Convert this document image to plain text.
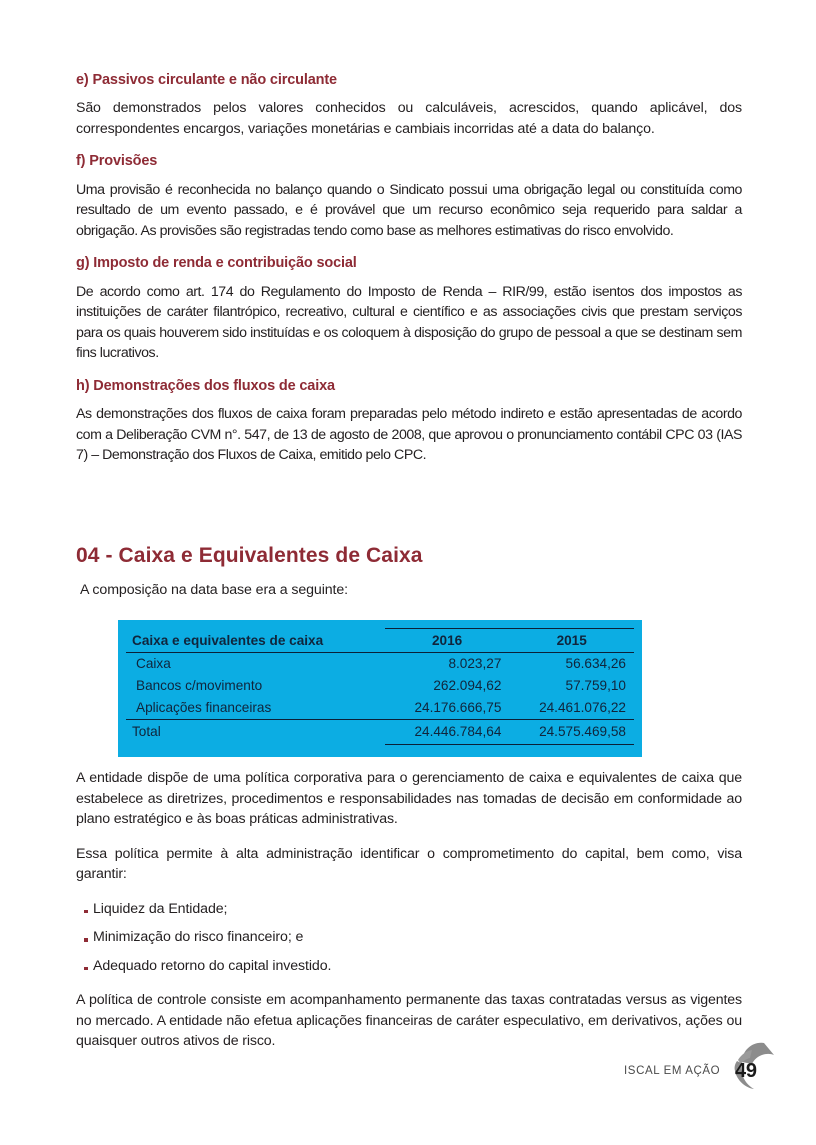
e) Passivos circulante e não circulante

São demonstrados pelos valores conhecidos ou calculáveis, acrescidos, quando aplicável, dos correspondentes encargos, variações monetárias e cambiais incorridas até a data do balanço.

f) Provisões

Uma provisão é reconhecida no balanço quando o Sindicato possui uma obrigação legal ou constituída como resultado de um evento passado, e é provável que um recurso econômico seja requerido para saldar a obrigação. As provisões são registradas tendo como base as melhores estimativas do risco envolvido.

g) Imposto de renda e contribuição social

De acordo como art. 174 do Regulamento do Imposto de Renda – RIR/99, estão isentos dos impostos as instituições de caráter filantrópico, recreativo, cultural e científico e as associações civis que prestam serviços para os quais houverem sido instituídas e os coloquem à disposição do grupo de pessoal a que se destinam sem fins lucrativos.

h) Demonstrações dos fluxos de caixa

As demonstrações dos fluxos de caixa foram preparadas pelo método indireto e estão apresentadas de acordo com a Deliberação CVM n°. 547, de 13 de agosto de 2008, que aprovou o pronunciamento contábil CPC 03 (IAS 7) – Demonstração dos Fluxos de Caixa, emitido pelo CPC.

04 - Caixa e Equivalentes de Caixa

A composição na data base era a seguinte:

Caixa e equivalentes de caixa	2016	2015
Caixa	8.023,27	56.634,26
Bancos c/movimento	262.094,62	57.759,10
Aplicações financeiras	24.176.666,75	24.461.076,22
Total	24.446.784,64	24.575.469,58

A entidade dispõe de uma política corporativa para o gerenciamento de caixa e equivalentes de caixa que estabelece as diretrizes, procedimentos e responsabilidades nas tomadas de decisão em conformidade ao plano estratégico e às boas práticas administrativas.

Essa política permite à alta administração identificar o comprometimento do capital, bem como, visa garantir:

Liquidez da Entidade;
Minimização do risco financeiro; e
Adequado retorno do capital investido.

A política de controle consiste em acompanhamento permanente das taxas contratadas versus as vigentes no mercado. A entidade não efetua aplicações financeiras de caráter especulativo, em derivativos, ações ou quaisquer outros ativos de risco.

ISCAL EM AÇÃO 49
